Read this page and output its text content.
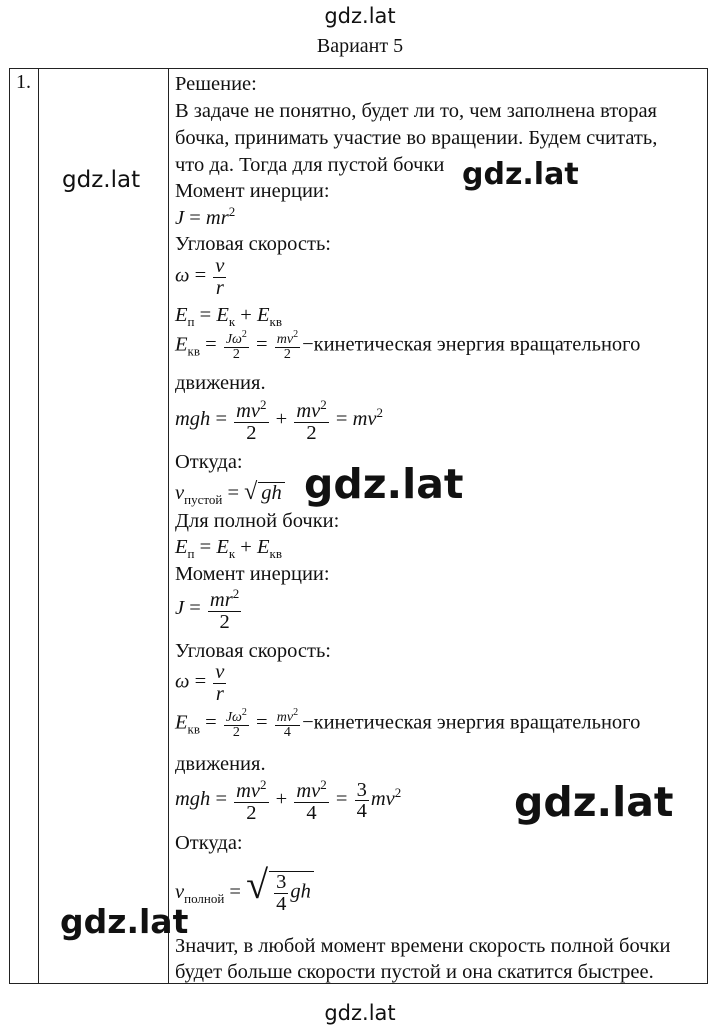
gdz.lat
Вариант 5
1.
gdz.lat
Решение:
В задаче не понятно, будет ли то, чем заполнена вторая
бочка, принимать участие во вращении. Будем считать,
что да. Тогда для пустой бочки
Момент инерции:
$J = mr^2$
Угловая скорость:
$\omega = \frac{v}{r}$
$E_п = E_к + E_{кв}$
$E_{кв} = \frac{J\omega^2}{2} = \frac{mv^2}{2}$ −кинетическая энергия вращательного
движения.
mgh = $\frac{mv^2}{2} + \frac{mv^2}{2} = mv^2$
Откуда:
$v_{пустой}$ = √ gh
Для полной бочки:
$E_п = E_к + E_{кв}$
Момент инерции:
$J = \frac{mr^2}{2}$
Угловая скорость:
$\omega = \frac{v}{r}$
$E_{кв} = \frac{J\omega^2}{2} = \frac{mv^2}{4}$ −кинетическая энергия вращательного
движения.
mgh = $\frac{mv^2}{2} + \frac{mv^2}{4} = \frac{3}{4} mv^2$
Откуда:
$v_{полной}$ = √ $\frac{3}{4}$ gh
Значит, в любой момент времени скорость полной бочки
будет больше скорости пустой и она скатится быстрее.
gdz.lat
gdz.lat
gdz.lat
gdz.lat
gdz.lat
